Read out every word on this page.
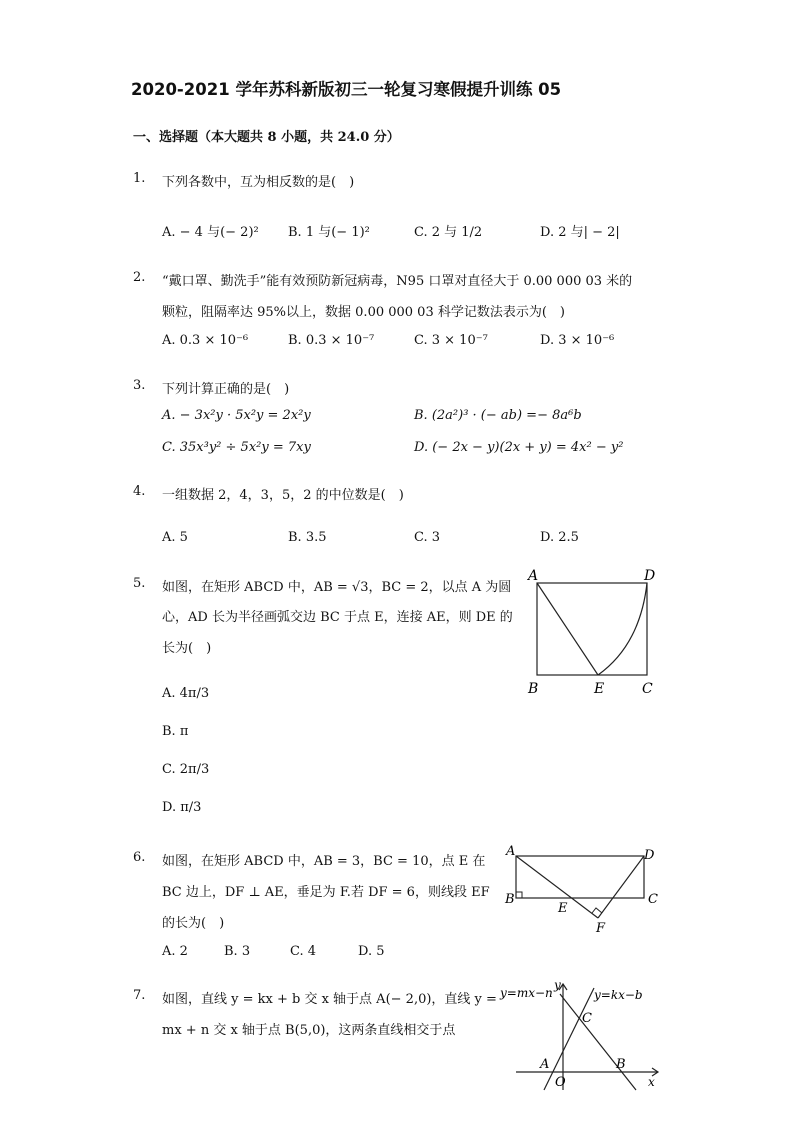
2020-2021 学年苏科新版初三一轮复习寒假提升训练 05
一、选择题（本大题共 8 小题，共 24.0 分）
1. 下列各数中，互为相反数的是(　)
A. − 4 与(− 2)² B. 1 与(− 1)²	C. 2 与 1/2	D. 2 与| − 2|
2. “戴口罩、勤洗手”能有效预防新冠病毒，N95 口罩对直径大于 0.00 000 03 米的
颗粒，阻隔率达 95%以上，数据 0.00 000 03 科学记数法表示为(　)
A. 0.3 × 10⁻⁶	B. 0.3 × 10⁻⁷	C. 3 × 10⁻⁷	D. 3 × 10⁻⁶
3. 下列计算正确的是(　)
A. − 3x²y · 5x²y = 2x²y	B. (2a²)³ · (− ab) =− 8a⁶b
C. 35x³y² ÷ 5x²y = 7xy	D. (− 2x − y)(2x + y) = 4x² − y²
4. 一组数据 2，4，3，5，2 的中位数是(　)
A. 5	B. 3.5	C. 3	D. 2.5
5. 如图，在矩形 ABCD 中，AB = √3，BC = 2，以点 A 为圆
心，AD 长为半径画弧交边 BC 于点 E，连接 AE，则 DE 的
长为(　)
A. 4π/3
B. π
C. 2π/3
D. π/3
A	D
B	E	C
6. 如图，在矩形 ABCD 中，AB = 3，BC = 10，点 E 在
BC 边上，DF ⊥ AE，垂足为 F.若 DF = 6，则线段 EF
的长为(　)
A. 2	B. 3	C. 4	D. 5
A	D
B	C
E
F
7. 如图，直线 y = kx + b 交 x 轴于点 A(− 2,0)，直线 y =
mx + n 交 x 轴于点 B(5,0)，这两条直线相交于点
y=mx−n
y
y=kx−b
C
A
O
B
x
